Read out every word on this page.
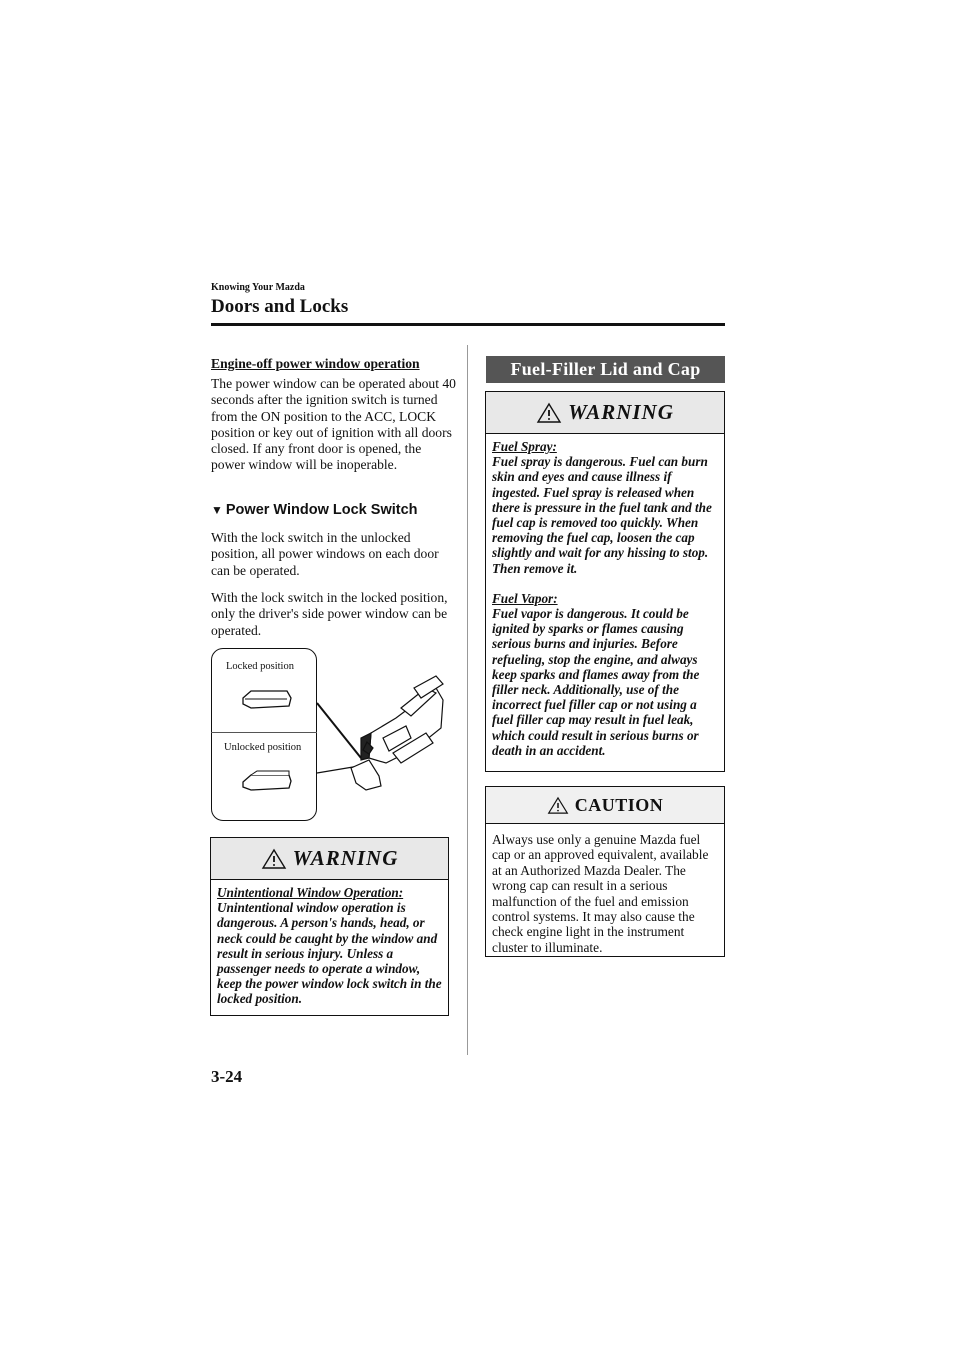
Knowing Your Mazda
Doors and Locks
Engine-off power window operation
The power window can be operated about 40 seconds after the ignition switch is turned from the ON position to the ACC, LOCK position or key out of ignition with all doors closed. If any front door is opened, the power window will be inoperable.
▼ Power Window Lock Switch
With the lock switch in the unlocked position, all power windows on each door can be operated.
With the lock switch in the locked position, only the driver's side power window can be operated.
Locked position
Unlocked position
WARNING
Unintentional Window Operation:
Unintentional window operation is dangerous. A person's hands, head, or neck could be caught by the window and result in serious injury. Unless a passenger needs to operate a window, keep the power window lock switch in the locked position.
Fuel-Filler Lid and Cap
WARNING
Fuel Spray:
Fuel spray is dangerous. Fuel can burn skin and eyes and cause illness if ingested. Fuel spray is released when there is pressure in the fuel tank and the fuel cap is removed too quickly. When removing the fuel cap, loosen the cap slightly and wait for any hissing to stop. Then remove it.
Fuel Vapor:
Fuel vapor is dangerous. It could be ignited by sparks or flames causing serious burns and injuries. Before refueling, stop the engine, and always keep sparks and flames away from the filler neck. Additionally, use of the incorrect fuel filler cap or not using a fuel filler cap may result in fuel leak, which could result in serious burns or death in an accident.
CAUTION
Always use only a genuine Mazda fuel cap or an approved equivalent, available at an Authorized Mazda Dealer. The wrong cap can result in a serious malfunction of the fuel and emission control systems. It may also cause the check engine light in the instrument cluster to illuminate.
3-24
